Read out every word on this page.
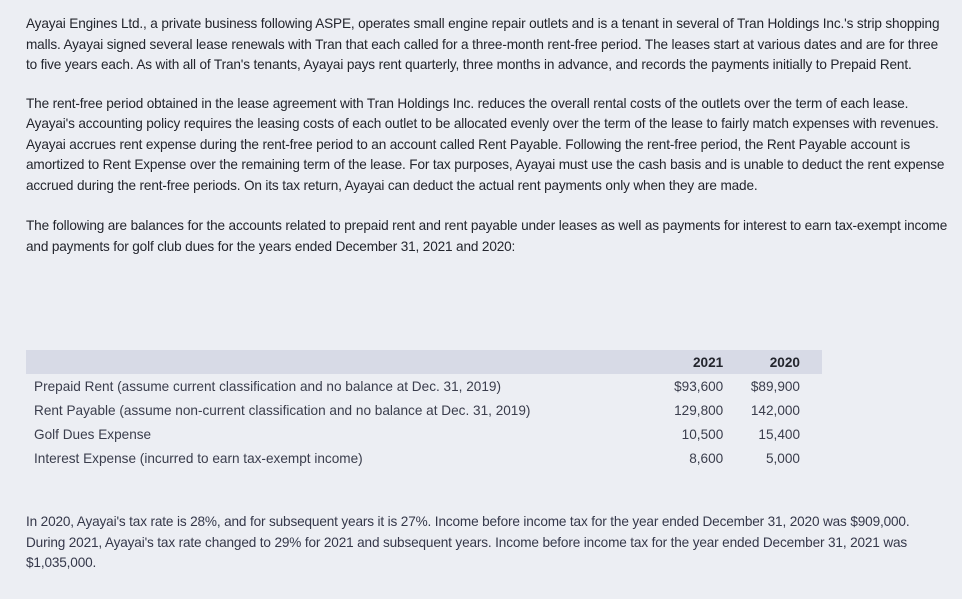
Ayayai Engines Ltd., a private business following ASPE, operates small engine repair outlets and is a tenant in several of Tran Holdings Inc.'s strip shopping malls. Ayayai signed several lease renewals with Tran that each called for a three-month rent-free period. The leases start at various dates and are for three to five years each. As with all of Tran's tenants, Ayayai pays rent quarterly, three months in advance, and records the payments initially to Prepaid Rent.

The rent-free period obtained in the lease agreement with Tran Holdings Inc. reduces the overall rental costs of the outlets over the term of each lease. Ayayai's accounting policy requires the leasing costs of each outlet to be allocated evenly over the term of the lease to fairly match expenses with revenues. Ayayai accrues rent expense during the rent-free period to an account called Rent Payable. Following the rent-free period, the Rent Payable account is amortized to Rent Expense over the remaining term of the lease. For tax purposes, Ayayai must use the cash basis and is unable to deduct the rent expense accrued during the rent-free periods. On its tax return, Ayayai can deduct the actual rent payments only when they are made.

The following are balances for the accounts related to prepaid rent and rent payable under leases as well as payments for interest to earn tax-exempt income and payments for golf club dues for the years ended December 31, 2021 and 2020:

	2021	2020
Prepaid Rent (assume current classification and no balance at Dec. 31, 2019)	$93,600	$89,900
Rent Payable (assume non-current classification and no balance at Dec. 31, 2019)	129,800	142,000
Golf Dues Expense	10,500	15,400
Interest Expense (incurred to earn tax-exempt income)	8,600	5,000

In 2020, Ayayai's tax rate is 28%, and for subsequent years it is 27%. Income before income tax for the year ended December 31, 2020 was $909,000. During 2021, Ayayai's tax rate changed to 29% for 2021 and subsequent years. Income before income tax for the year ended December 31, 2021 was $1,035,000.
